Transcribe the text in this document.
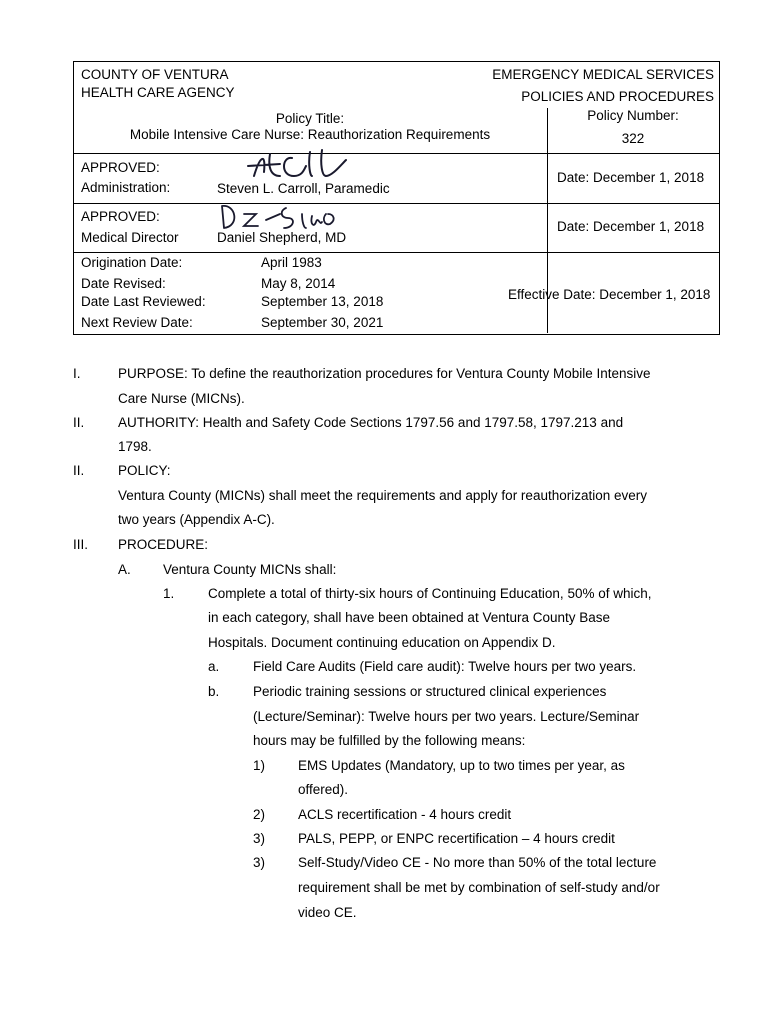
COUNTY OF VENTURA
HEALTH CARE AGENCY
EMERGENCY MEDICAL SERVICES
POLICIES AND PROCEDURES
Policy Title:
Mobile Intensive Care Nurse: Reauthorization Requirements
Policy Number:
322
APPROVED:
Administration:	Steven L. Carroll, Paramedic
Date: December 1, 2018
APPROVED:
Medical Director	Daniel Shepherd, MD
Date: December 1, 2018
Origination Date:	April 1983
Date Revised:	May 8, 2014
Date Last Reviewed:	September 13, 2018
Next Review Date:	September 30, 2021
Effective Date: December 1, 2018
I.	PURPOSE: To define the reauthorization procedures for Ventura County Mobile Intensive
Care Nurse (MICNs).
II. AUTHORITY: Health and Safety Code Sections 1797.56 and 1797.58, 1797.213 and
1798.
II. POLICY:
Ventura County (MICNs) shall meet the requirements and apply for reauthorization every
two years (Appendix A-C).
III. PROCEDURE:
A. Ventura County MICNs shall:
1. Complete a total of thirty-six hours of Continuing Education, 50% of which,
in each category, shall have been obtained at Ventura County Base
Hospitals. Document continuing education on Appendix D.
a. Field Care Audits (Field care audit): Twelve hours per two years.
b. Periodic training sessions or structured clinical experiences
(Lecture/Seminar): Twelve hours per two years. Lecture/Seminar
hours may be fulfilled by the following means:
1) EMS Updates (Mandatory, up to two times per year, as
offered).
2) ACLS recertification - 4 hours credit
3) PALS, PEPP, or ENPC recertification – 4 hours credit
3) Self-Study/Video CE - No more than 50% of the total lecture
requirement shall be met by combination of self-study and/or
video CE.
